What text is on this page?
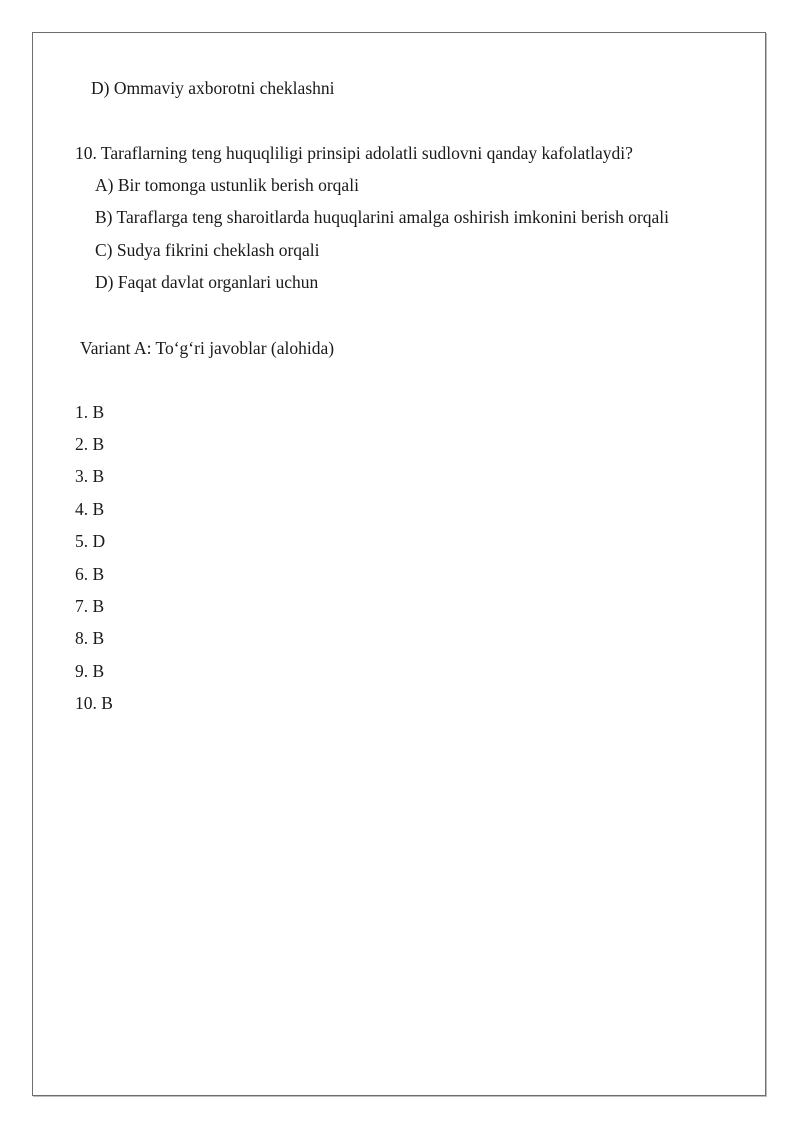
D) Ommaviy axborotni cheklashni
10. Taraflarning teng huquqliligi prinsipi adolatli sudlovni qanday kafolatlaydi?
A) Bir tomonga ustunlik berish orqali
B) Taraflarga teng sharoitlarda huquqlarini amalga oshirish imkonini berish orqali
C) Sudya fikrini cheklash orqali
D) Faqat davlat organlari uchun
Variant A: To‘g‘ri javoblar (alohida)
1. B
2. B
3. B
4. B
5. D
6. B
7. B
8. B
9. B
10. B
